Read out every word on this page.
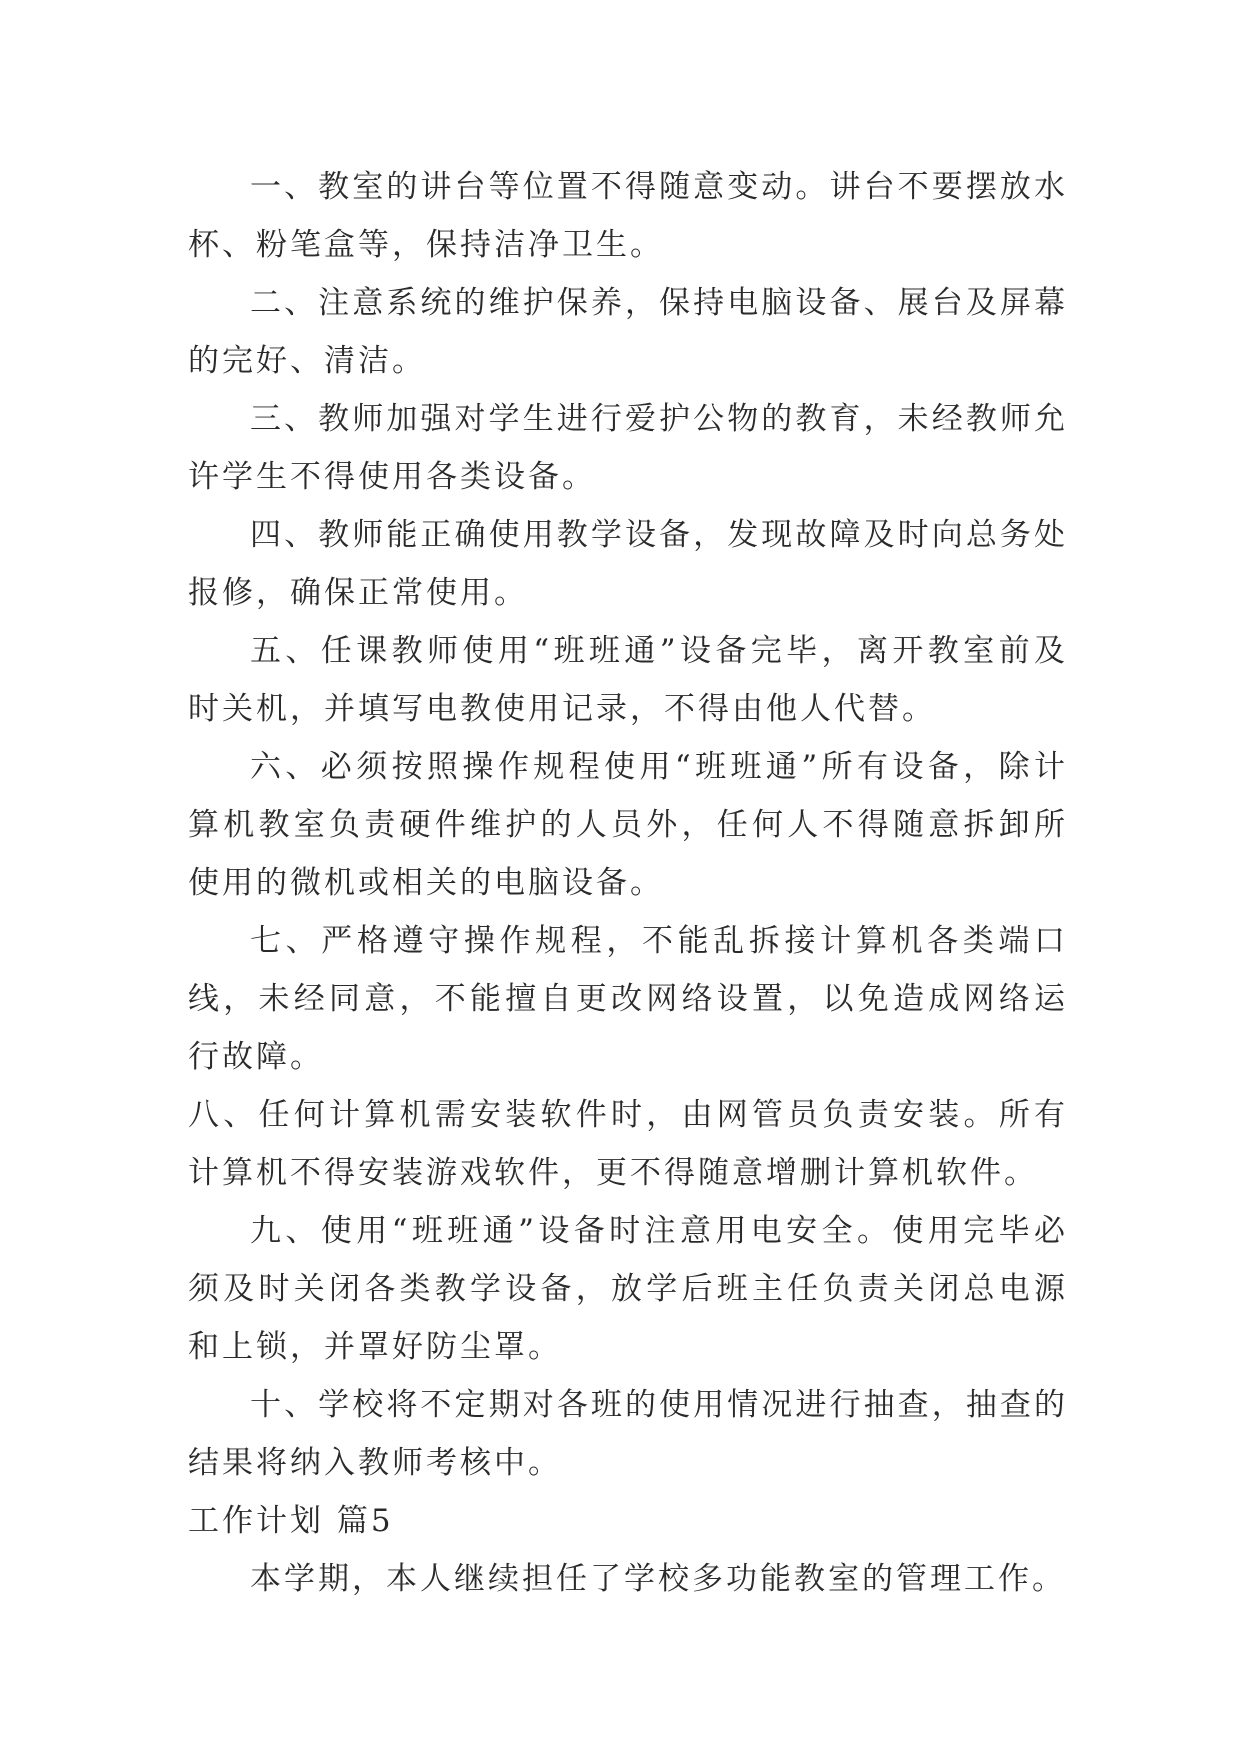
一、教室的讲台等位置不得随意变动。讲台不要摆放水杯、粉笔盒等，保持洁净卫生。

二、注意系统的维护保养，保持电脑设备、展台及屏幕的完好、清洁。

三、教师加强对学生进行爱护公物的教育，未经教师允许学生不得使用各类设备。

四、教师能正确使用教学设备，发现故障及时向总务处报修，确保正常使用。

五、任课教师使用“班班通”设备完毕，离开教室前及时关机，并填写电教使用记录，不得由他人代替。

六、必须按照操作规程使用“班班通”所有设备，除计算机教室负责硬件维护的人员外，任何人不得随意拆卸所使用的微机或相关的电脑设备。

七、严格遵守操作规程，不能乱拆接计算机各类端口线，未经同意，不能擅自更改网络设置，以免造成网络运行故障。

八、任何计算机需安装软件时，由网管员负责安装。所有计算机不得安装游戏软件，更不得随意增删计算机软件。

九、使用“班班通”设备时注意用电安全。使用完毕必须及时关闭各类教学设备，放学后班主任负责关闭总电源和上锁，并罩好防尘罩。

十、学校将不定期对各班的使用情况进行抽查，抽查的结果将纳入教师考核中。

工作计划 篇5

本学期，本人继续担任了学校多功能教室的管理工作。
